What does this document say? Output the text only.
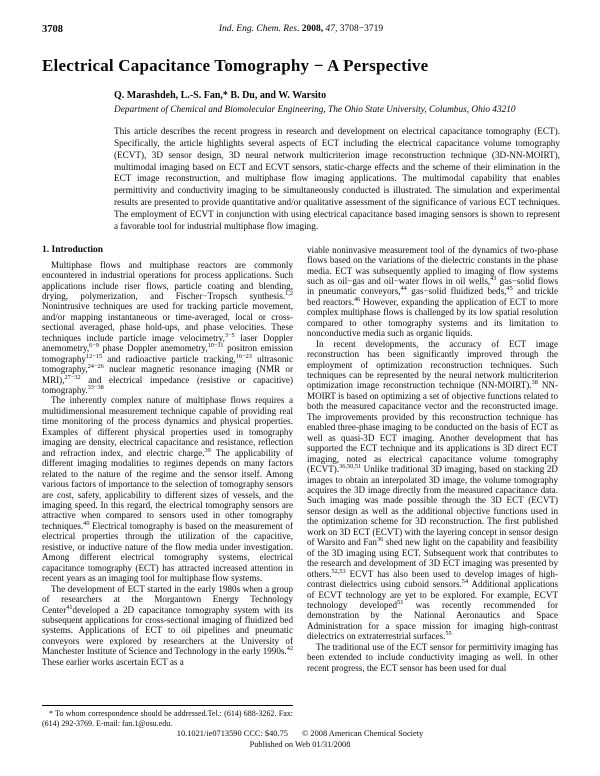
3708	Ind. Eng. Chem. Res. 2008, 47, 3708−3719
Electrical Capacitance Tomography − A Perspective
Q. Marashdeh, L.-S. Fan,* B. Du, and W. Warsito
Department of Chemical and Biomolecular Engineering, The Ohio State University, Columbus, Ohio 43210

This article describes the recent progress in research and development on electrical capacitance tomography (ECT). Specifically, the article highlights several aspects of ECT including the electrical capacitance volume tomography (ECVT), 3D sensor design, 3D neural network multicriterion image reconstruction technique (3D-NN-MOIRT), multimodal imaging based on ECT and ECVT sensors, static-charge effects and the scheme of their elimination in the ECT image reconstruction, and multiphase flow imaging applications. The multimodal capability that enables permittivity and conductivity imaging to be simultaneously conducted is illustrated. The simulation and experimental results are presented to provide quantitative and/or qualitative assessment of the significance of various ECT techniques. The employment of ECVT in conjunction with using electrical capacitance based imaging sensors is shown to represent a favorable tool for industrial multiphase flow imaging.

1. Introduction

Multiphase flows and multiphase reactors are commonly encountered in industrial operations for process applications. Such applications include riser flows, particle coating and blending, drying, polymerization, and Fischer−Tropsch synthesis.$^{1,2}$ Nonintrusive techniques are used for tracking particle movement, and/or mapping instantaneous or time-averaged, local or cross-sectional averaged, phase hold-ups, and phase velocities. These techniques include particle image velocimetry,$^{3-5}$ laser Doppler anemometry,$^{6-9}$ phase Doppler anemometry,$^{10-11}$ positron emission tomography$^{12-15}$ and radioactive particle tracking,$^{16-23}$ ultrasonic tomography,$^{24-26}$ nuclear magnetic resonance imaging (NMR or MRI),$^{27-32}$ and electrical impedance (resistive or capacitive) tomography.$^{33-38}$

The inherently complex nature of multiphase flows requires a multidimensional measurement technique capable of providing real time monitoring of the process dynamics and physical properties. Examples of different physical properties used in tomography imaging are density, electrical capacitance and resistance, reflection and refraction index, and electric charge.$^{39}$ The applicability of different imaging modalities to regimes depends on many factors related to the nature of the regime and the sensor itself. Among various factors of importance to the selection of tomography sensors are cost, safety, applicability to different sizes of vessels, and the imaging speed. In this regard, the electrical tomography sensors are attractive when compared to sensors used in other tomography techniques.$^{40}$ Electrical tomography is based on the measurement of electrical properties through the utilization of the capacitive, resistive, or inductive nature of the flow media under investigation. Among different electrical tomography systems, electrical capacitance tomography (ECT) has attracted increased attention in recent years as an imaging tool for multiphase flow systems.

The development of ECT started in the early 1980s when a group of researchers at the Morgantown Energy Technology Center$^{41}$developed a 2D capacitance tomography system with its subsequent applications for cross-sectional imaging of fluidized bed systems. Applications of ECT to oil pipelines and pneumatic conveyors were explored by researchers at the University of Manchester Institute of Science and Technology in the early 1990s.$^{42}$ These earlier works ascertain ECT as a

* To whom correspondence should be addressed.Tel.: (614) 688-3262. Fax: (614) 292-3769. E-mail: fan.1@osu.edu.

viable noninvasive measurement tool of the dynamics of two-phase flows based on the variations of the dielectric constants in the phase media. ECT was subsequently applied to imaging of flow systems such as oil−gas and oil−water flows in oil wells,$^{43}$ gas−solid flows in pneumatic conveyors,$^{44}$ gas−solid fluidized beds,$^{45}$ and trickle bed reactors.$^{46}$ However, expanding the application of ECT to more complex multiphase flows is challenged by its low spatial resolution compared to other tomography systems and its limitation to nonconductive media such as organic liquids.

In recent developments, the accuracy of ECT image reconstruction has been significantly improved through the employment of optimization reconstruction techniques. Such techniques can be represented by the neural network multicriterion optimization image reconstruction technique (NN-MOIRT).$^{38}$ NN-MOIRT is based on optimizing a set of objective functions related to both the measured capacitance vector and the reconstructed image. The improvements provided by this reconstruction technique has enabled three-phase imaging to be conducted on the basis of ECT as well as quasi-3D ECT imaging. Another development that has supported the ECT technique and its applications is 3D direct ECT imaging, noted as electrical capacitance volume tomography (ECVT).$^{36,50,51}$ Unlike traditional 3D imaging, based on stacking 2D images to obtain an interpolated 3D image, the volume tomography acquires the 3D image directly from the measured capacitance data. Such imaging was made possible through the 3D ECT (ECVT) sensor design as well as the additional objective functions used in the optimization scheme for 3D reconstruction. The first published work on 3D ECT (ECVT) with the layering concept in sensor design of Warsito and Fan$^{36}$ shed new light on the capability and feasibility of the 3D imaging using ECT. Subsequent work that contributes to the research and development of 3D ECT imaging was presented by others.$^{52,53}$ ECVT has also been used to develop images of high-contrast dielectrics using cuboid sensors.$^{54}$ Additional applications of ECVT technology are yet to be explored. For example, ECVT technology developed$^{51}$ was recently recommended for demonstration by the National Aeronautics and Space Administration for a space mission for imaging high-contrast dielectrics on extraterrestrial surfaces.$^{55}$

The traditional use of the ECT sensor for permittivity imaging has been extended to include conductivity imaging as well. In other recent progress, the ECT sensor has been used for dual

10.1021/ie0713590 CCC: $40.75 © 2008 American Chemical Society
Published on Web 01/31/2008
